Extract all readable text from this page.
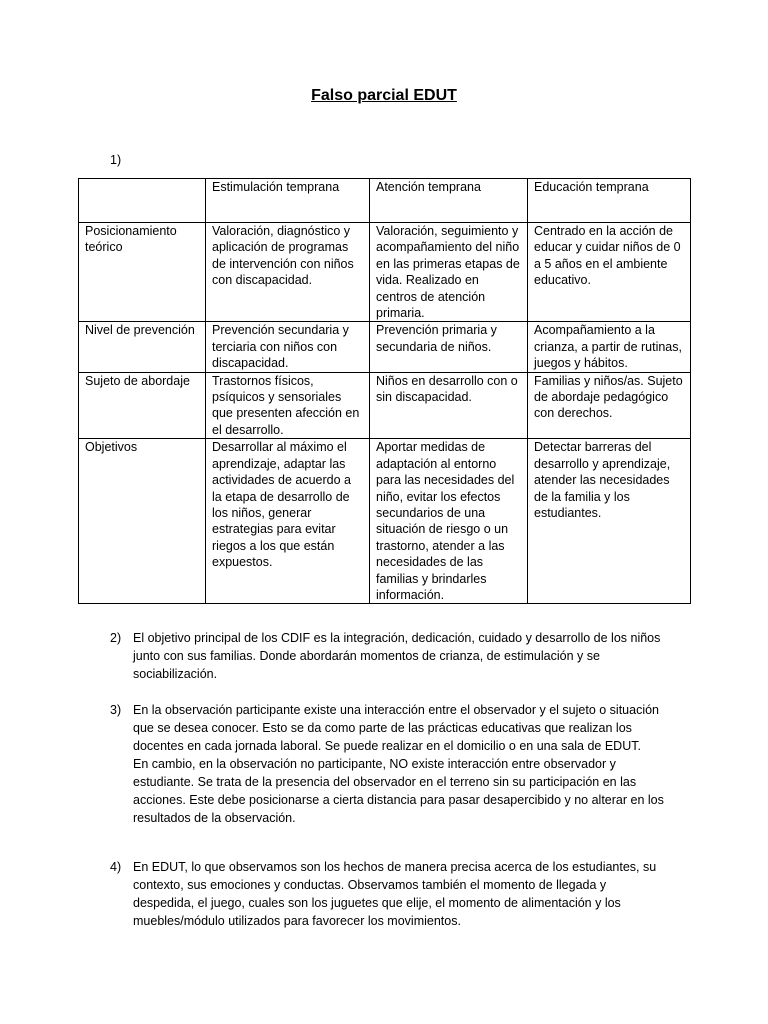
Falso parcial EDUT
1)
	Estimulación temprana	Atención temprana	Educación temprana
Posicionamiento teórico	Valoración, diagnóstico y aplicación de programas de intervención con niños con discapacidad.	Valoración, seguimiento y acompañamiento del niño en las primeras etapas de vida. Realizado en centros de atención primaria.	Centrado en la acción de educar y cuidar niños de 0 a 5 años en el ambiente educativo.
Nivel de prevención	Prevención secundaria y terciaria con niños con discapacidad.	Prevención primaria y secundaria de niños.	Acompañamiento a la crianza, a partir de rutinas, juegos y hábitos.
Sujeto de abordaje	Trastornos físicos, psíquicos y sensoriales que presenten afección en el desarrollo.	Niños en desarrollo con o sin discapacidad.	Familias y niños/as. Sujeto de abordaje pedagógico con derechos.
Objetivos	Desarrollar al máximo el aprendizaje, adaptar las actividades de acuerdo a la etapa de desarrollo de los niños, generar estrategias para evitar riegos a los que están expuestos.	Aportar medidas de adaptación al entorno para las necesidades del niño, evitar los efectos secundarios de una situación de riesgo o un trastorno, atender a las necesidades de las familias y brindarles información.	Detectar barreras del desarrollo y aprendizaje, atender las necesidades de la familia y los estudiantes.
2) El objetivo principal de los CDIF es la integración, dedicación, cuidado y desarrollo de los niños junto con sus familias. Donde abordarán momentos de crianza, de estimulación y se sociabilización.

3) En la observación participante existe una interacción entre el observador y el sujeto o situación que se desea conocer. Esto se da como parte de las prácticas educativas que realizan los docentes en cada jornada laboral. Se puede realizar en el domicilio o en una sala de EDUT.

En cambio, en la observación no participante, NO existe interacción entre observador y estudiante. Se trata de la presencia del observador en el terreno sin su participación en las acciones. Este debe posicionarse a cierta distancia para pasar desapercibido y no alterar en los resultados de la observación.

4) En EDUT, lo que observamos son los hechos de manera precisa acerca de los estudiantes, su contexto, sus emociones y conductas. Observamos también el momento de llegada y despedida, el juego, cuales son los juguetes que elije, el momento de alimentación y los muebles/módulo utilizados para favorecer los movimientos.
